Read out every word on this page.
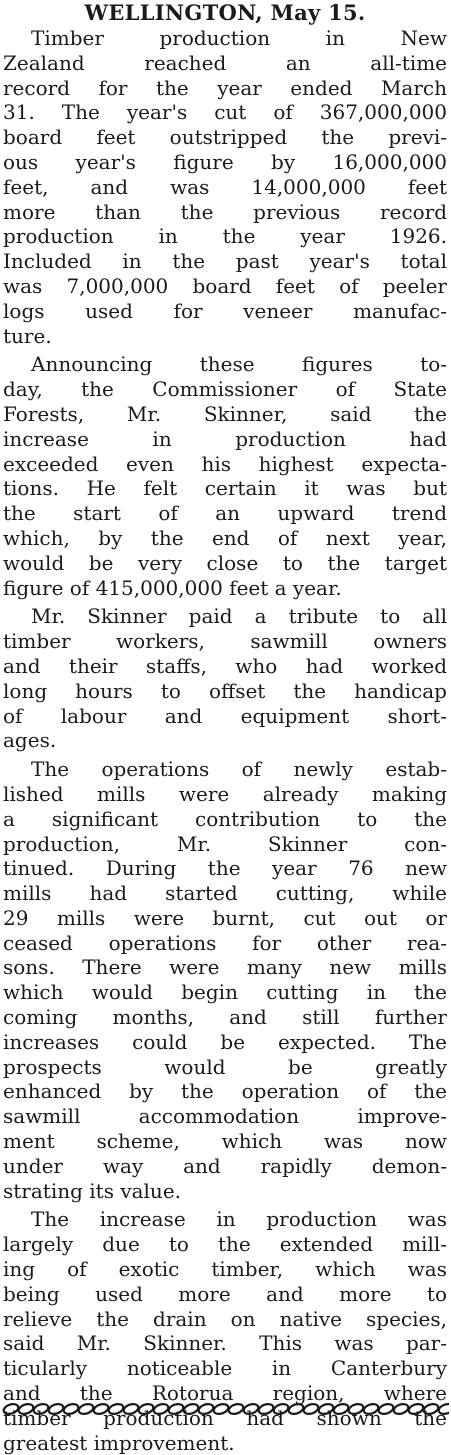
WELLINGTON, May 15.
Timber production in New
Zealand reached an all-time
record for the year ended March
31. The year's cut of 367,000,000
board feet outstripped the previ-
ous year's figure by 16,000,000
feet, and was 14,000,000 feet
more than the previous record
production in the year 1926.
Included in the past year's total
was 7,000,000 board feet of peeler
logs used for veneer manufac-
ture.
Announcing these figures to-
day, the Commissioner of State
Forests, Mr. Skinner, said the
increase in production had
exceeded even his highest expecta-
tions. He felt certain it was but
the start of an upward trend
which, by the end of next year,
would be very close to the target
figure of 415,000,000 feet a year.
Mr. Skinner paid a tribute to all
timber workers, sawmill owners
and their staffs, who had worked
long hours to offset the handicap
of labour and equipment short-
ages.
The operations of newly estab-
lished mills were already making
a significant contribution to the
production, Mr. Skinner con-
tinued. During the year 76 new
mills had started cutting, while
29 mills were burnt, cut out or
ceased operations for other rea-
sons. There were many new mills
which would begin cutting in the
coming months, and still further
increases could be expected. The
prospects would be greatly
enhanced by the operation of the
sawmill accommodation improve-
ment scheme, which was now
under way and rapidly demon-
strating its value.
The increase in production was
largely due to the extended mill-
ing of exotic timber, which was
being used more and more to
relieve the drain on native species,
said Mr. Skinner. This was par-
ticularly noticeable in Canterbury
and the Rotorua region, where
timber production had shown the
greatest improvement.
